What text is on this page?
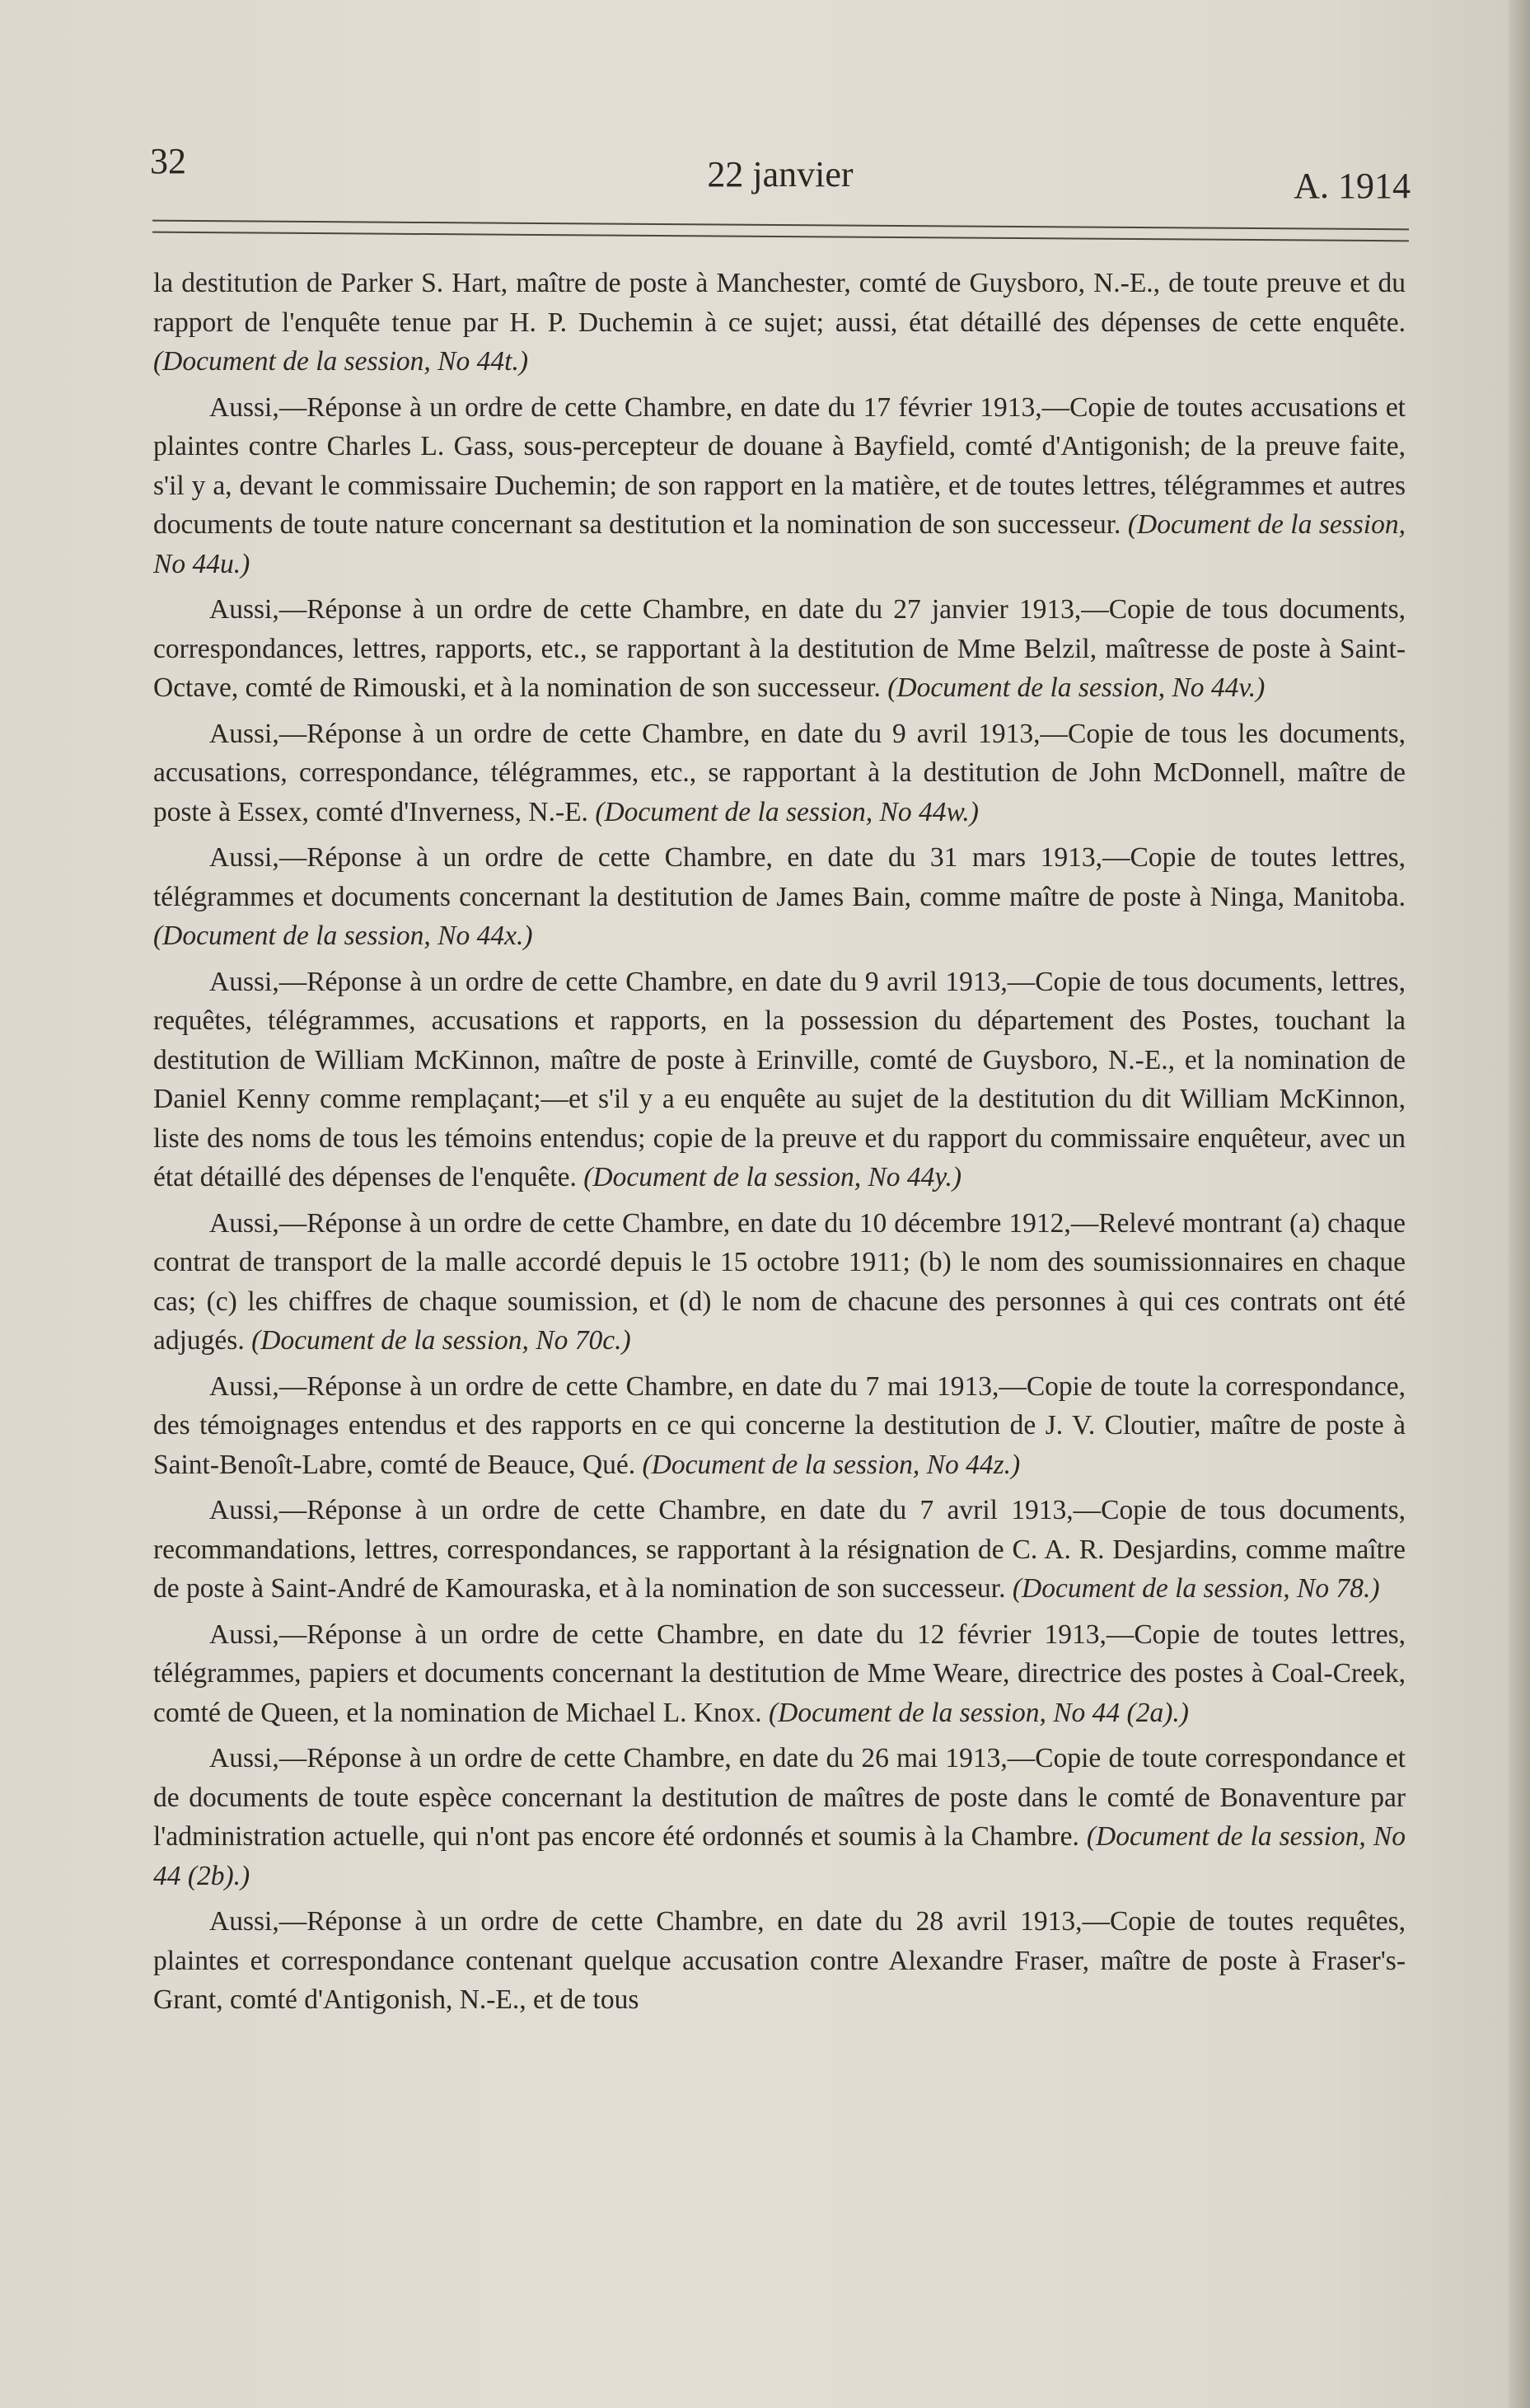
32	22 janvier	A. 1914

la destitution de Parker S. Hart, maître de poste à Manchester, comté de Guysboro, N.-E., de toute preuve et du rapport de l'enquête tenue par H. P. Duchemin à ce sujet; aussi, état détaillé des dépenses de cette enquête. (Document de la session, No 44t.)

Aussi,—Réponse à un ordre de cette Chambre, en date du 17 février 1913,—Copie de toutes accusations et plaintes contre Charles L. Gass, sous-percepteur de douane à Bayfield, comté d'Antigonish; de la preuve faite, s'il y a, devant le commissaire Duchemin; de son rapport en la matière, et de toutes lettres, télégrammes et autres documents de toute nature concernant sa destitution et la nomination de son successeur. (Document de la session, No 44u.)

Aussi,—Réponse à un ordre de cette Chambre, en date du 27 janvier 1913,—Copie de tous documents, correspondances, lettres, rapports, etc., se rapportant à la destitution de Mme Belzil, maîtresse de poste à Saint-Octave, comté de Rimouski, et à la nomination de son successeur. (Document de la session, No 44v.)

Aussi,—Réponse à un ordre de cette Chambre, en date du 9 avril 1913,—Copie de tous les documents, accusations, correspondance, télégrammes, etc., se rapportant à la destitution de John McDonnell, maître de poste à Essex, comté d'Inverness, N.-E. (Document de la session, No 44w.)

Aussi,—Réponse à un ordre de cette Chambre, en date du 31 mars 1913,—Copie de toutes lettres, télégrammes et documents concernant la destitution de James Bain, comme maître de poste à Ninga, Manitoba. (Document de la session, No 44x.)

Aussi,—Réponse à un ordre de cette Chambre, en date du 9 avril 1913,—Copie de tous documents, lettres, requêtes, télégrammes, accusations et rapports, en la possession du département des Postes, touchant la destitution de William McKinnon, maître de poste à Erinville, comté de Guysboro, N.-E., et la nomination de Daniel Kenny comme remplaçant;—et s'il y a eu enquête au sujet de la destitution du dit William McKinnon, liste des noms de tous les témoins entendus; copie de la preuve et du rapport du commissaire enquêteur, avec un état détaillé des dépenses de l'enquête. (Document de la session, No 44y.)

Aussi,—Réponse à un ordre de cette Chambre, en date du 10 décembre 1912,—Relevé montrant (a) chaque contrat de transport de la malle accordé depuis le 15 octobre 1911; (b) le nom des soumissionnaires en chaque cas; (c) les chiffres de chaque soumission, et (d) le nom de chacune des personnes à qui ces contrats ont été adjugés. (Document de la session, No 70c.)

Aussi,—Réponse à un ordre de cette Chambre, en date du 7 mai 1913,—Copie de toute la correspondance, des témoignages entendus et des rapports en ce qui concerne la destitution de J. V. Cloutier, maître de poste à Saint-Benoît-Labre, comté de Beauce, Qué. (Document de la session, No 44z.)

Aussi,—Réponse à un ordre de cette Chambre, en date du 7 avril 1913,—Copie de tous documents, recommandations, lettres, correspondances, se rapportant à la résignation de C. A. R. Desjardins, comme maître de poste à Saint-André de Kamouraska, et à la nomination de son successeur. (Document de la session, No 78.)

Aussi,—Réponse à un ordre de cette Chambre, en date du 12 février 1913,—Copie de toutes lettres, télégrammes, papiers et documents concernant la destitution de Mme Weare, directrice des postes à Coal-Creek, comté de Queen, et la nomination de Michael L. Knox. (Document de la session, No 44 (2a).)

Aussi,—Réponse à un ordre de cette Chambre, en date du 26 mai 1913,—Copie de toute correspondance et de documents de toute espèce concernant la destitution de maîtres de poste dans le comté de Bonaventure par l'administration actuelle, qui n'ont pas encore été ordonnés et soumis à la Chambre. (Document de la session, No 44 (2b).)

Aussi,—Réponse à un ordre de cette Chambre, en date du 28 avril 1913,—Copie de toutes requêtes, plaintes et correspondance contenant quelque accusation contre Alexandre Fraser, maître de poste à Fraser's-Grant, comté d'Antigonish, N.-E., et de tous
